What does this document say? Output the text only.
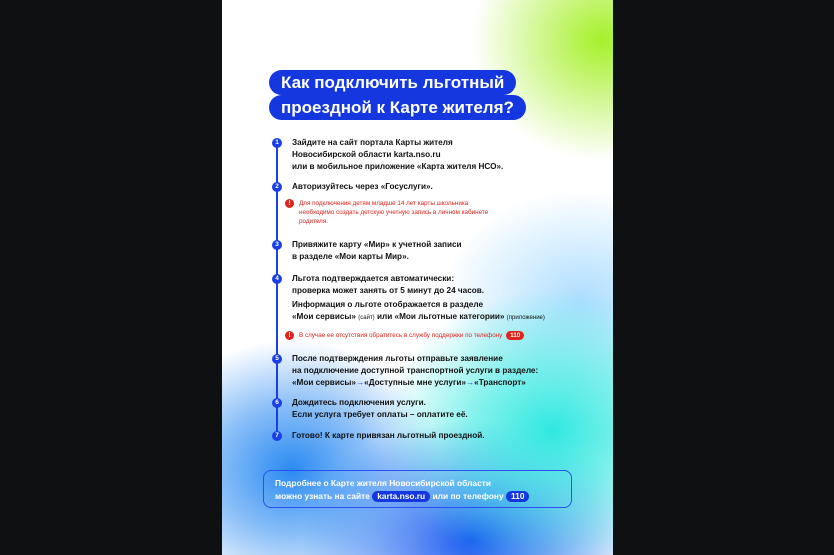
Как подключить льготный
проездной к Карте жителя?
1	Зайдите на сайт портала Карты жителя
Новосибирской области karta.nso.ru
или в мобильное приложение «Карта жителя НСО».
2	Авторизуйтесь через «Госуслуги».
!	Для подключения детям младше 14 лет карты школьника необходимо создать детскую учетную запись в личном кабинете родителя.
3	Привяжите карту «Мир» к учетной записи
в разделе «Мои карты Мир».
4	Льгота подтверждается автоматически:
проверка может занять от 5 минут до 24 часов.
Информация о льготе отображается в разделе
«Мои сервисы» (сайт) или «Мои льготные категории» (приложение)
!	В случае ее отсутствия обратитесь в службу поддержки по телефону 110
5	После подтверждения льготы отправьте заявление
на подключение доступной транспортной услуги в разделе:
«Мои сервисы»→«Доступные мне услуги»→«Транспорт»
6	Дождитесь подключения услуги.
Если услуга требует оплаты – оплатите её.
7	Готово! К карте привязан льготный проездной.
Подробнее о Карте жителя Новосибирской области
можно узнать на сайте karta.nso.ru или по телефону 110
